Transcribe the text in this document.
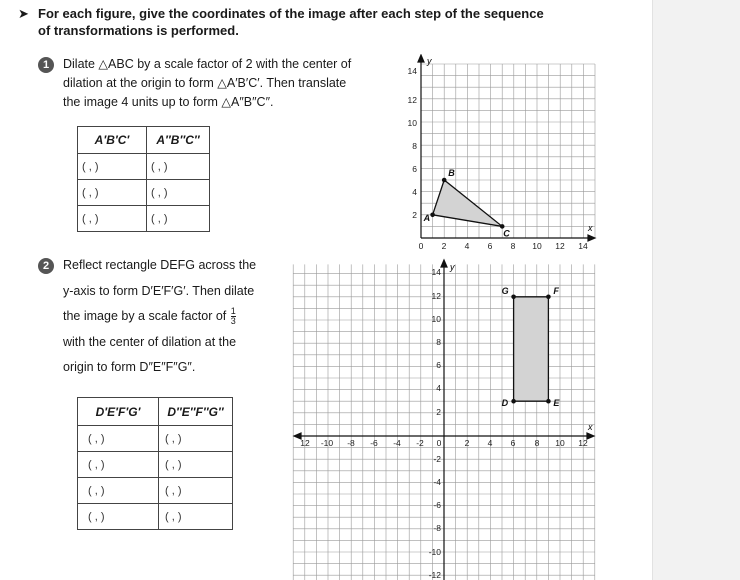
➤ For each figure, give the coordinates of the image after each step of the sequence
of transformations is performed.
1	Dilate △ABC by a scale factor of 2 with the center of
dilation at the origin to form △A′B′C′. Then translate
the image 4 units up to form △A″B″C″.
A′B′C′	A″B″C″
( , )	( , )
( , )	( , )
( , )	( , )
y
x
0 2 4 6 8 10 12 14
2
4
6
8
10
12
14
A
B
C
2	Reflect rectangle DEFG across the
y-axis to form D′E′F′G′. Then dilate
the image by a scale factor of $\frac{1}{3}$
with the center of dilation at the
origin to form D″E″F″G″.
D′E′F′G′	D″E″F″G″
( , )	( , )
( , )	( , )
( , )	( , )
( , )	( , )
y
x
12 -10 -8 -6 -4 -2 0	2 4 6 8 10 12
14
12
10
8
6
4
2
-2
-4
-6
-8
-10
-12
D	E
F
G
